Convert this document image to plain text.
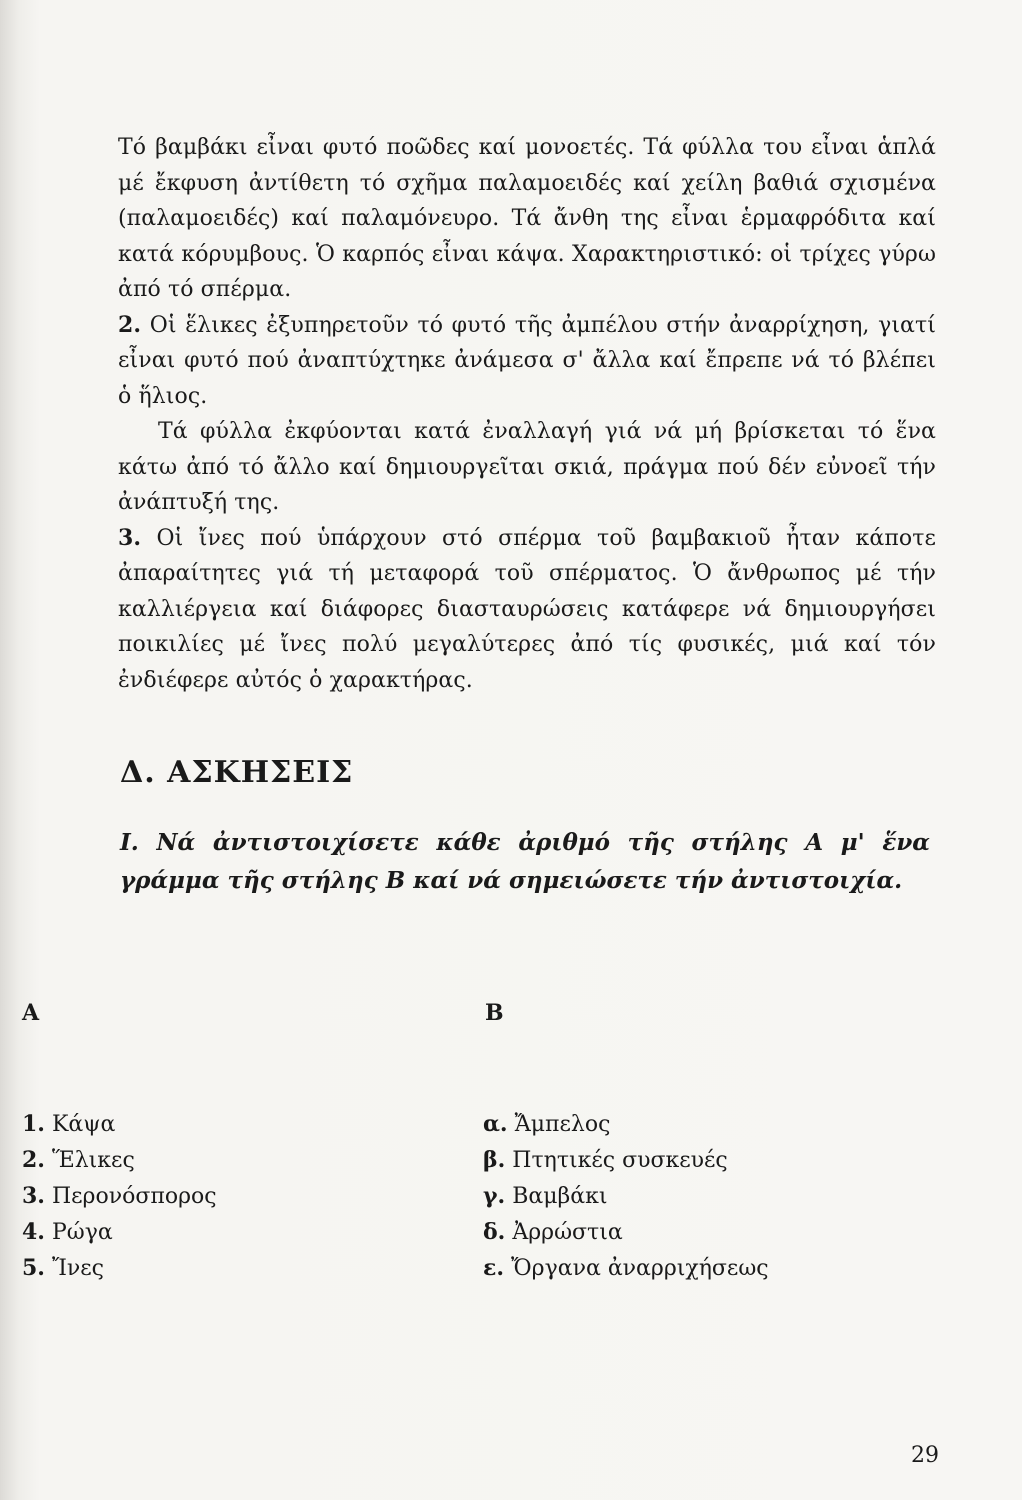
Τό βαμβάκι εἶναι φυτό ποῶδες καί μονοετές. Τά φύλλα του εἶναι ἁπλά μέ ἔκφυση ἀντίθετη τό σχῆμα παλαμοειδές καί χείλη βαθιά σχισμένα (παλαμοειδές) καί παλαμόνευρο. Τά ἄνθη της εἶναι ἑρμαφρόδιτα καί κατά κόρυμβους. Ὁ καρπός εἶναι κάψα. Χαρακτηριστικό: οἱ τρίχες γύρω ἀπό τό σπέρμα.

2. Οἱ ἕλικες ἐξυπηρετοῦν τό φυτό τῆς ἀμπέλου στήν ἀναρρίχηση, γιατί εἶναι φυτό πού ἀναπτύχτηκε ἀνάμεσα σ' ἄλλα καί ἔπρεπε νά τό βλέπει ὁ ἥλιος.

Τά φύλλα ἐκφύονται κατά ἐναλλαγή γιά νά μή βρίσκεται τό ἕνα κάτω ἀπό τό ἄλλο καί δημιουργεῖται σκιά, πράγμα πού δέν εὐνοεῖ τήν ἀνάπτυξή της.

3. Οἱ ἴνες πού ὑπάρχουν στό σπέρμα τοῦ βαμβακιοῦ ἦταν κάποτε ἀπαραίτητες γιά τή μεταφορά τοῦ σπέρματος. Ὁ ἄνθρωπος μέ τήν καλλιέργεια καί διάφορες διασταυρώσεις κατάφερε νά δημιουργήσει ποικιλίες μέ ἴνες πολύ μεγαλύτερες ἀπό τίς φυσικές, μιά καί τόν ἐνδιέφερε αὐτός ὁ χαρακτήρας.

Δ. ΑΣΚΗΣΕΙΣ

Ι. Νά ἀντιστοιχίσετε κάθε ἀριθμό τῆς στήλης Α μ' ἕνα γράμμα τῆς στήλης Β καί νά σημειώσετε τήν ἀντιστοιχία.

Α	Β

1. Κάψα
2. Ἕλικες
3. Περονόσπορος
4. Ρώγα
5. Ἴνες
α. Ἄμπελος
β. Πτητικές συσκευές
γ. Βαμβάκι
δ. Ἀρρώστια
ε. Ὄργανα ἀναρριχήσεως

29
